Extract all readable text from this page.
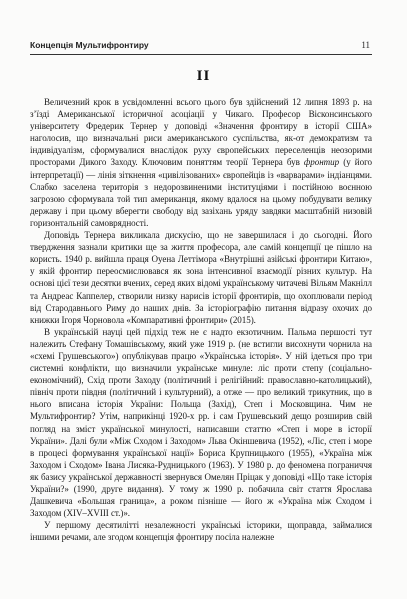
Концепція Мультифронтиру	11
II

Величезний крок в усвідомленні всього цього був здійснений 12 липня 1893 р. на з’їзді Американської історичної асоціації у Чикаго. Професор Вісконсинського університету Фредерик Тернер у доповіді «Значення фронтиру в історії США» наголосив, що визначальні риси американського суспільства, як-от демократизм та індивідуалізм, сформувалися внаслідок руху європейських переселенців неозорими просторами Дикого Заходу. Ключовим поняттям теорії Тернера був фронтир (у його інтерпретації) — лінія зіткнення «цивілізованих» європейців із «варварами» індіанцями. Слабко заселена територія з недорозвиненими інституціями і постійною воєнною загрозою сформувала той тип американця, якому вдалося на цьому побудувати велику державу і при цьому вберегти свободу від зазіхань уряду завдяки масштабній низовій горизонтальній самоврядності.

Доповідь Тернера викликала дискусію, що не завершилася і до сьогодні. Його твердження зазнали критики ще за життя професора, але самій концепції це пішло на користь. 1940 р. вийшла праця Оуена Леттімора «Внутрішні азійські фронтири Китаю», у якій фронтир переосмислювався як зона інтенсивної взаємодії різних культур. На основі цієї тези десятки вчених, серед яких відомі українському читачеві Вільям Макнілл та Андреас Каппелер, створили низку нарисів історії фронтирів, що охоплювали період від Стародавнього Риму до наших днів. За історіографію питання відразу охочих до книжки Ігоря Чорновола «Компаративні фронтири» (2015).

В українській науці цей підхід теж не є надто екзотичним. Пальма першості тут належить Стефану Томашівському, який уже 1919 р. (не встигли висохнути чорнила на «схемі Грушевського») опублікував працю «Українська історія». У ній ідеться про три системні конфлікти, що визначили українське минуле: ліс проти степу (соціально-економічний), Схід проти Заходу (політичний і релігійний: православно-католицький), північ проти півдня (політичний і культурний), а отже — про великий трикутник, що в нього вписана історія України: Польща (Захід), Степ і Московщина. Чим не Мультифронтир? Утім, наприкінці 1920-х рр. і сам Грушевський дещо розширив свій погляд на зміст української минулості, написавши статтю «Степ і море в історії України». Далі були «Між Сходом і Заходом» Льва Окіншевича (1952), «Ліс, степ і море в процесі формування української нації» Бориса Крупницького (1955), «Україна між Заходом і Сходом» Івана Лисяка-Рудницького (1963). У 1980 р. до феномена пограниччя як базису української державності звернувся Омелян Пріцак у доповіді «Що таке історія України?» (1990, друге видання). У тому ж 1990 р. побачила світ стаття Ярослава Дашкевича «Большая граница», а роком пізніше — його ж «Україна між Сходом і Заходом (XIV–XVIII ст.)».

У першому десятилітті незалежності українські історики, щоправда, займалися іншими речами, але згодом концепція фронтиру посіла належне
